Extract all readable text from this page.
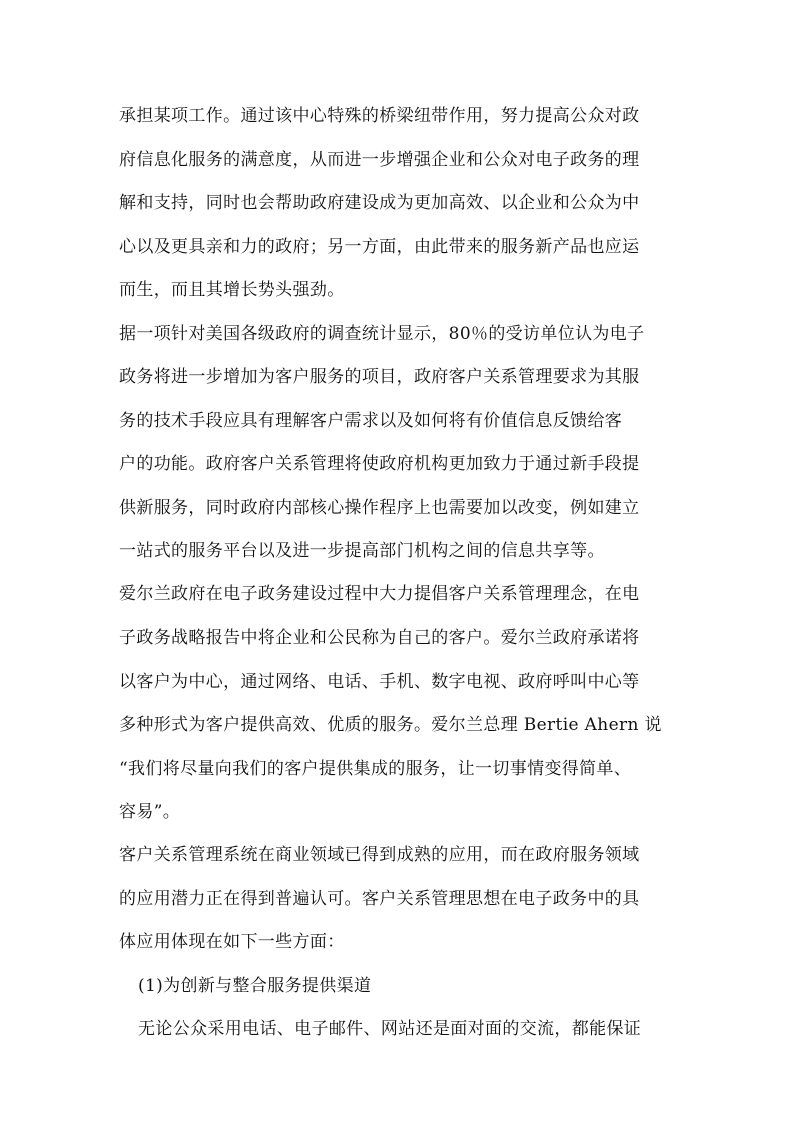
承担某项工作。通过该中心特殊的桥梁纽带作用，努力提高公众对政
府信息化服务的满意度，从而进一步增强企业和公众对电子政务的理
解和支持，同时也会帮助政府建设成为更加高效、以企业和公众为中
心以及更具亲和力的政府；另一方面，由此带来的服务新产品也应运
而生，而且其增长势头强劲。
据一项针对美国各级政府的调查统计显示，80％的受访单位认为电子
政务将进一步增加为客户服务的项目，政府客户关系管理要求为其服
务的技术手段应具有理解客户需求以及如何将有价值信息反馈给客
户的功能。政府客户关系管理将使政府机构更加致力于通过新手段提
供新服务，同时政府内部核心操作程序上也需要加以改变，例如建立
一站式的服务平台以及进一步提高部门机构之间的信息共享等。
爱尔兰政府在电子政务建设过程中大力提倡客户关系管理理念，在电
子政务战略报告中将企业和公民称为自己的客户。爱尔兰政府承诺将
以客户为中心，通过网络、电话、手机、数字电视、政府呼叫中心等
多种形式为客户提供高效、优质的服务。爱尔兰总理 Bertie Ahern 说
“我们将尽量向我们的客户提供集成的服务，让一切事情变得简单、
容易”。
客户关系管理系统在商业领域已得到成熟的应用，而在政府服务领域
的应用潜力正在得到普遍认可。客户关系管理思想在电子政务中的具
体应用体现在如下一些方面：
(1)为创新与整合服务提供渠道
无论公众采用电话、电子邮件、网站还是面对面的交流，都能保证
